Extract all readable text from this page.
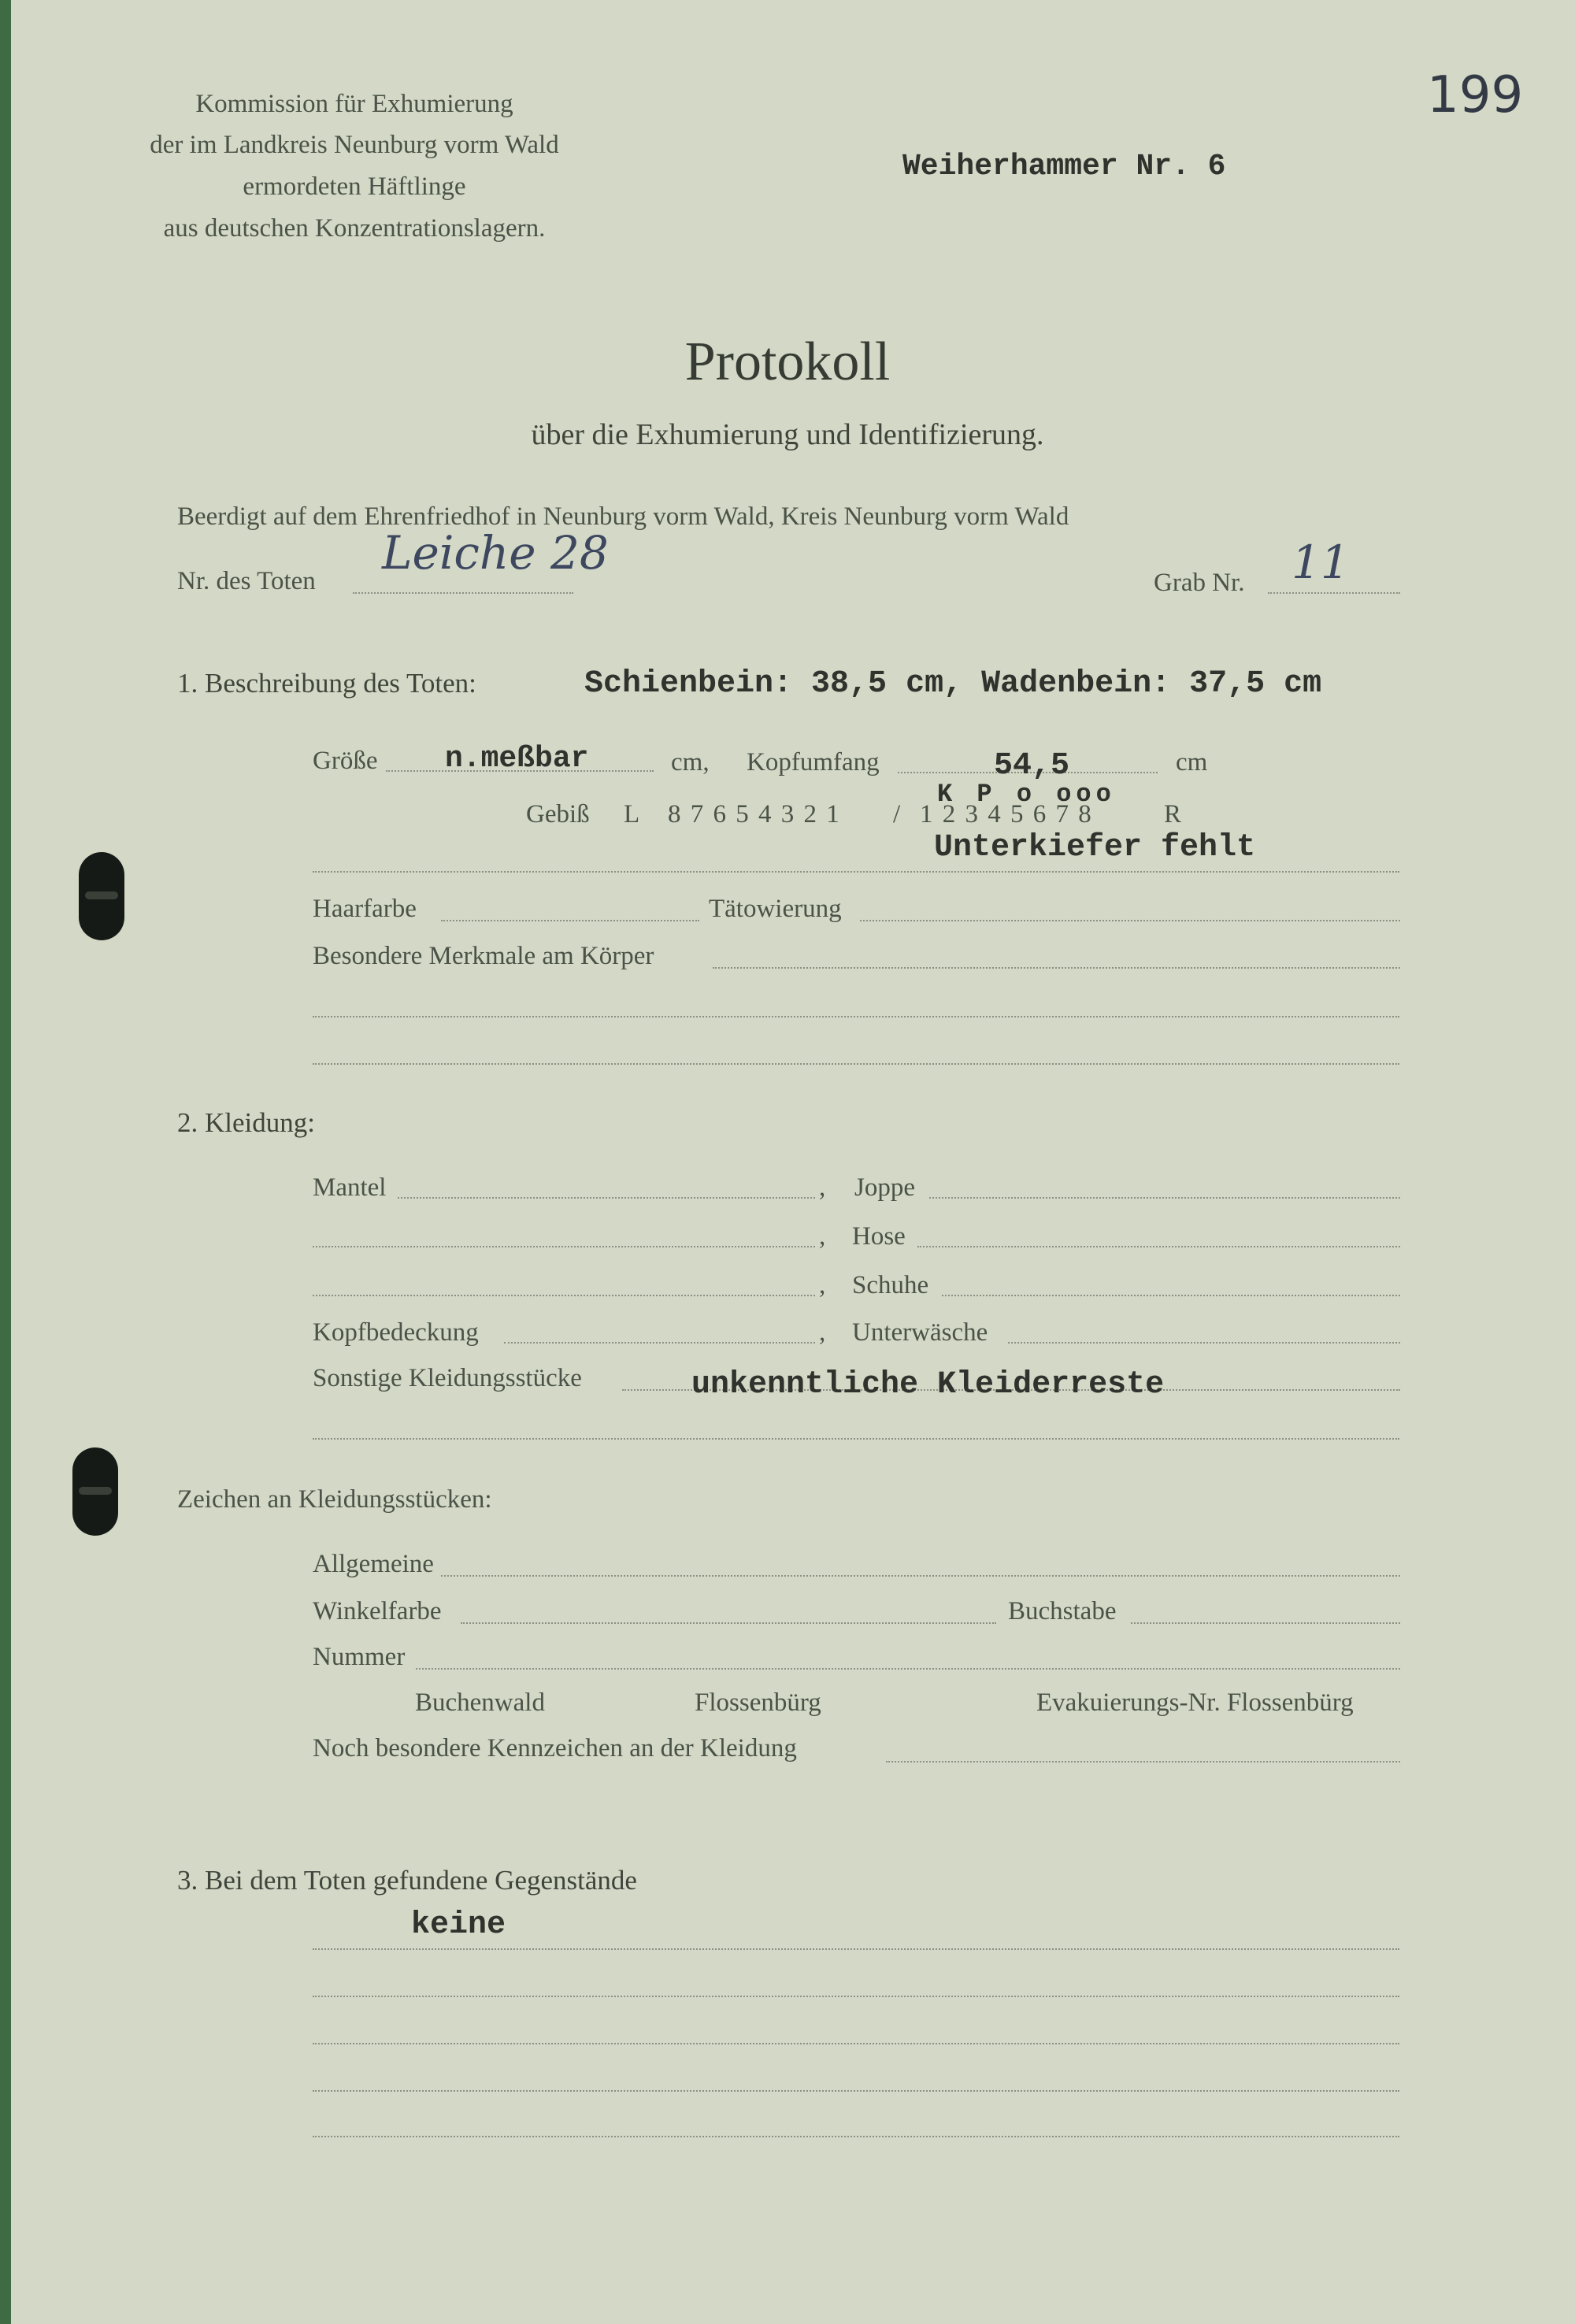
199
Kommission für Exhumierung
der im Landkreis Neunburg vorm Wald
ermordeten Häftlinge
aus deutschen Konzentrationslagern.
Weiherhammer Nr. 6
Protokoll
über die Exhumierung und Identifizierung.
Beerdigt auf dem Ehrenfriedhof in Neunburg vorm Wald, Kreis Neunburg vorm Wald
Nr. des Toten
Leiche 28
Grab Nr. 11
1. Beschreibung des Toten:	Schienbein: 38,5 cm, Wadenbein: 37,5 cm
Größe n.meßbar	cm, Kopfumfang	54,5	cm
Gebiß L 8 7 6 5 4 3 2 1 / 1 2 3 4 5 6 7 8	R
K P o ooo
Unterkiefer fehlt
Haarfarbe	Tätowierung
Besondere Merkmale am Körper
2. Kleidung:
Mantel	, Joppe
, Hose
, Schuhe
Kopfbedeckung	, Unterwäsche
Sonstige Kleidungsstücke	unkenntliche Kleiderreste
Zeichen an Kleidungsstücken:
Allgemeine
Winkelfarbe	Buchstabe
Nummer
Buchenwald	Flossenbürg	Evakuierungs-Nr. Flossenbürg
Noch besondere Kennzeichen an der Kleidung
3. Bei dem Toten gefundene Gegenstände
keine
